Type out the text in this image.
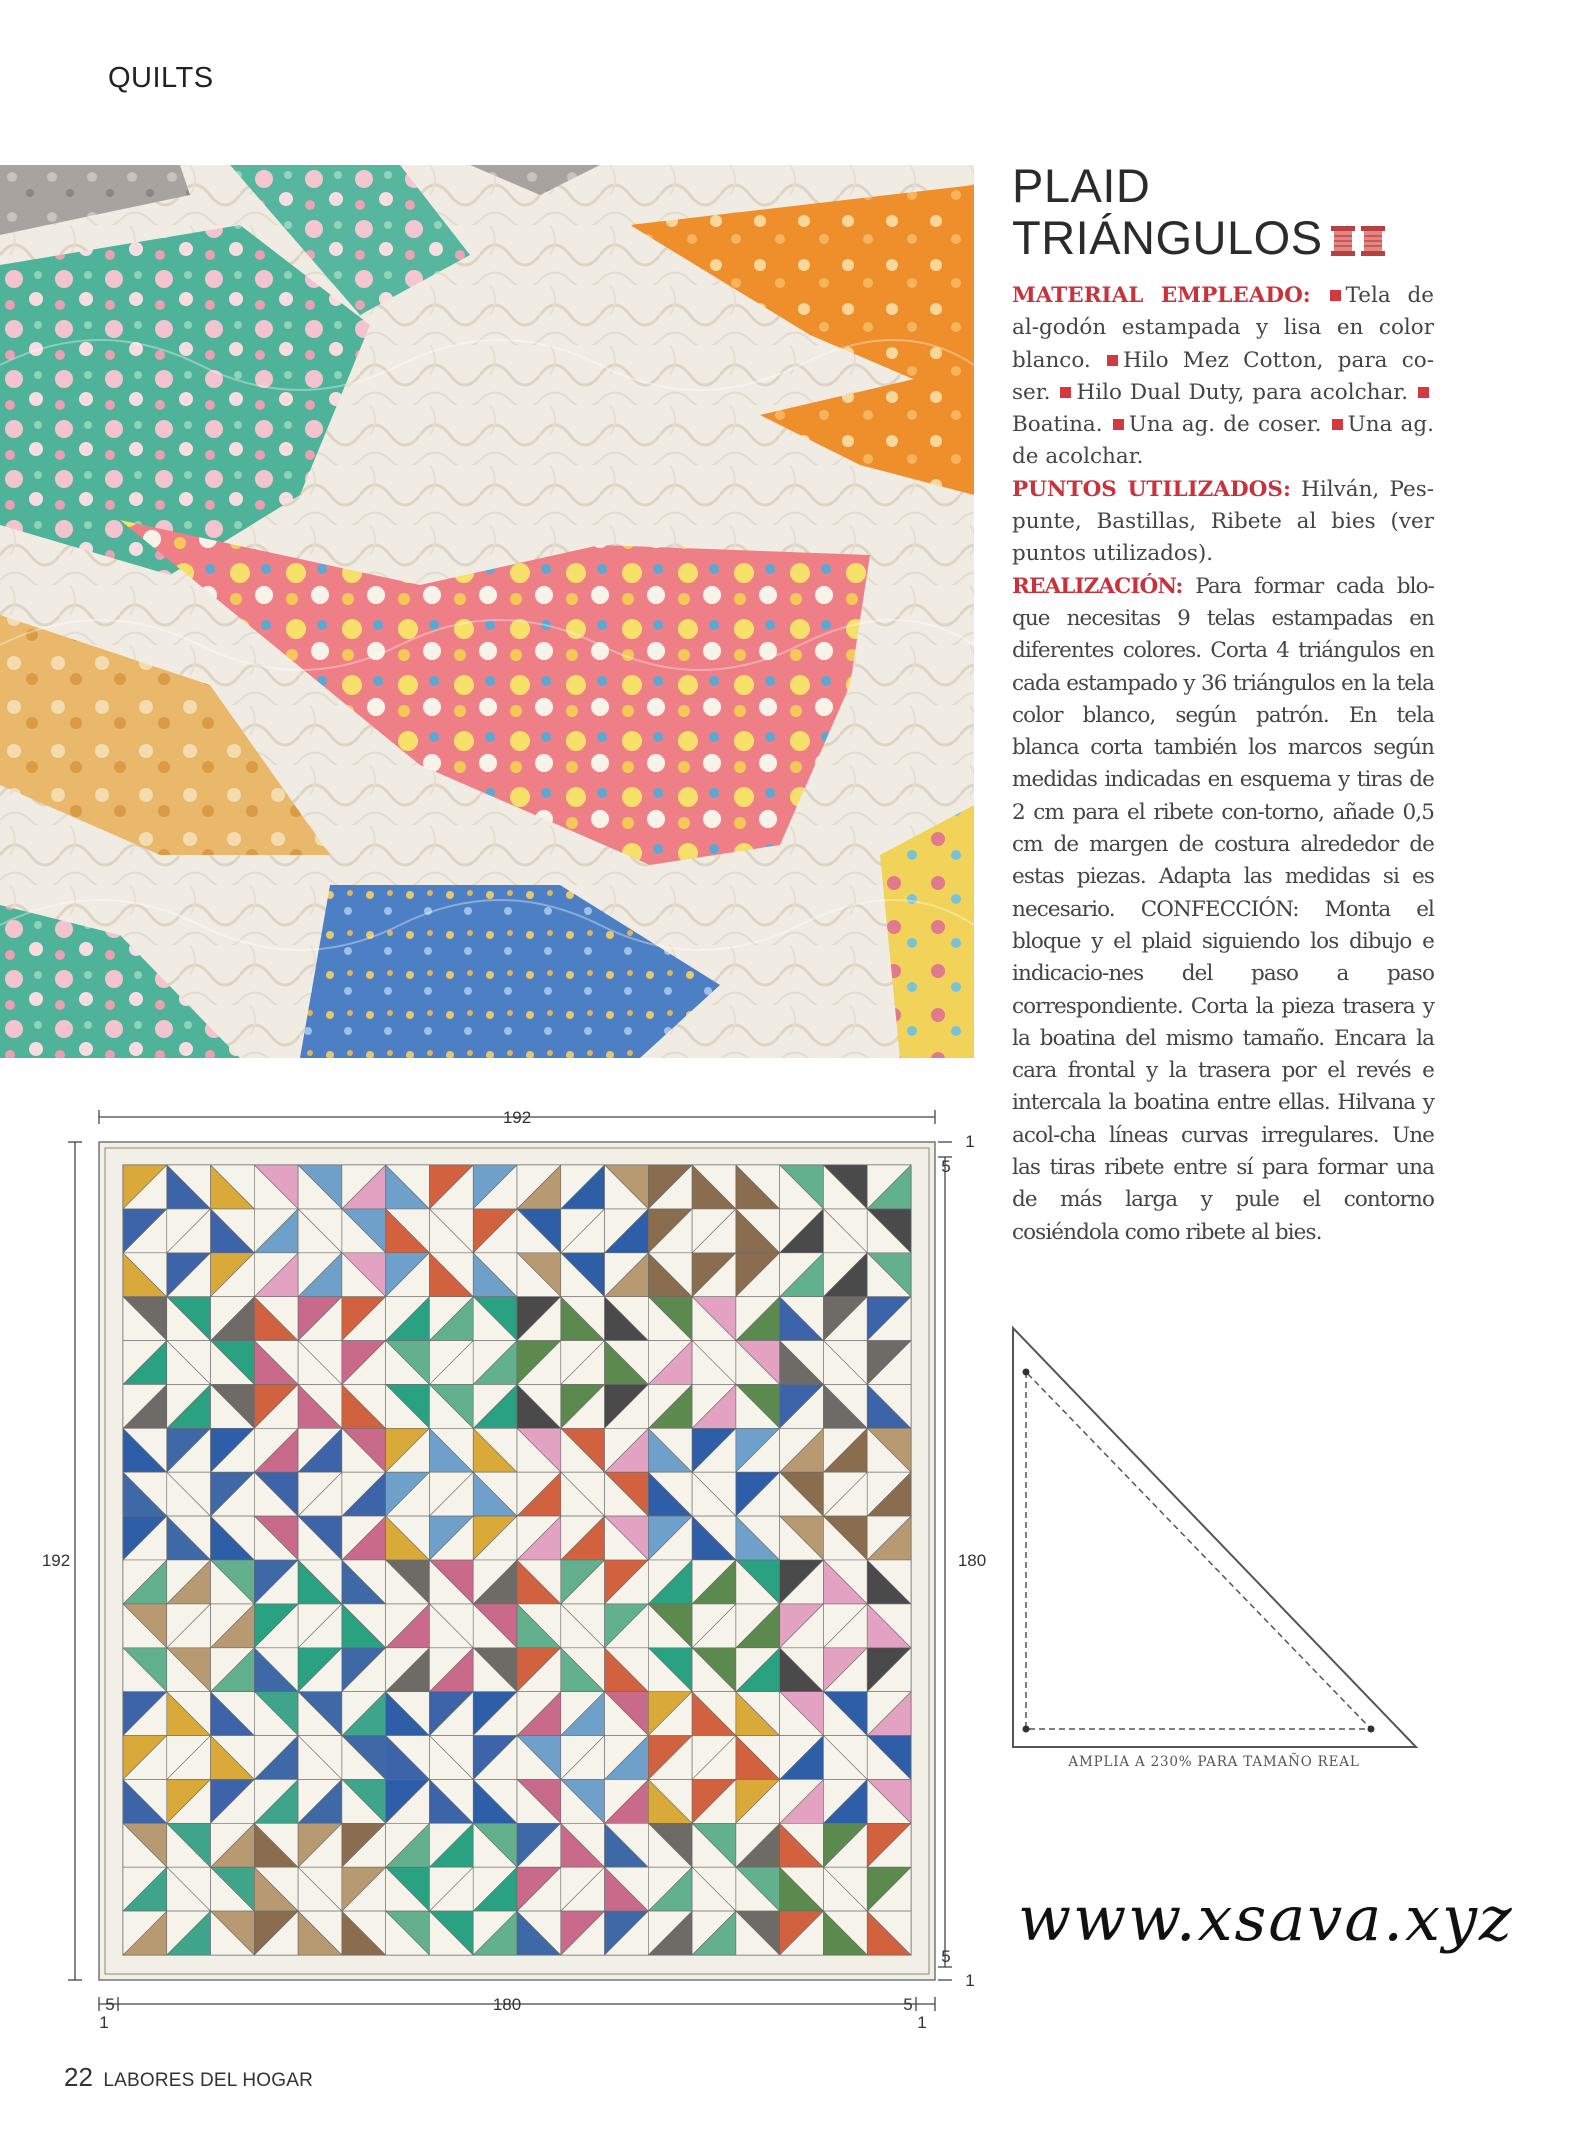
QUILTS
PLAID
TRIÁNGULOS

MATERIAL EMPLEADO: Tela de al-godón estampada y lisa en color blanco. Hilo Mez Cotton, para co-ser. Hilo Dual Duty, para acolchar. Boatina. Una ag. de coser. Una ag. de acolchar.

PUNTOS UTILIZADOS: Hilván, Pes-punte, Bastillas, Ribete al bies (ver puntos utilizados).

REALIZACIÓN: Para formar cada blo-que necesitas 9 telas estampadas en diferentes colores. Corta 4 triángulos en cada estampado y 36 triángulos en la tela color blanco, según patrón. En tela blanca corta también los marcos según medidas indicadas en esquema y tiras de 2 cm para el ribete con-torno, añade 0,5 cm de margen de costura alrededor de estas piezas. Adapta las medidas si es necesario. CONFECCIÓN: Monta el bloque y el plaid siguiendo los dibujo e indicacio-nes del paso a paso correspondiente. Corta la pieza trasera y la boatina del mismo tamaño. Encara la cara frontal y la trasera por el revés e intercala la boatina entre ellas. Hilvana y acol-cha líneas curvas irregulares. Une las tiras ribete entre sí para formar una de más larga y pule el contorno cosiéndola como ribete al bies.

192
192	180
180
5
1
5
1
1
5
1
5
AMPLIA A 230% PARA TAMAÑO REAL
www.xsava.xyz
22 LABORES DEL HOGAR
